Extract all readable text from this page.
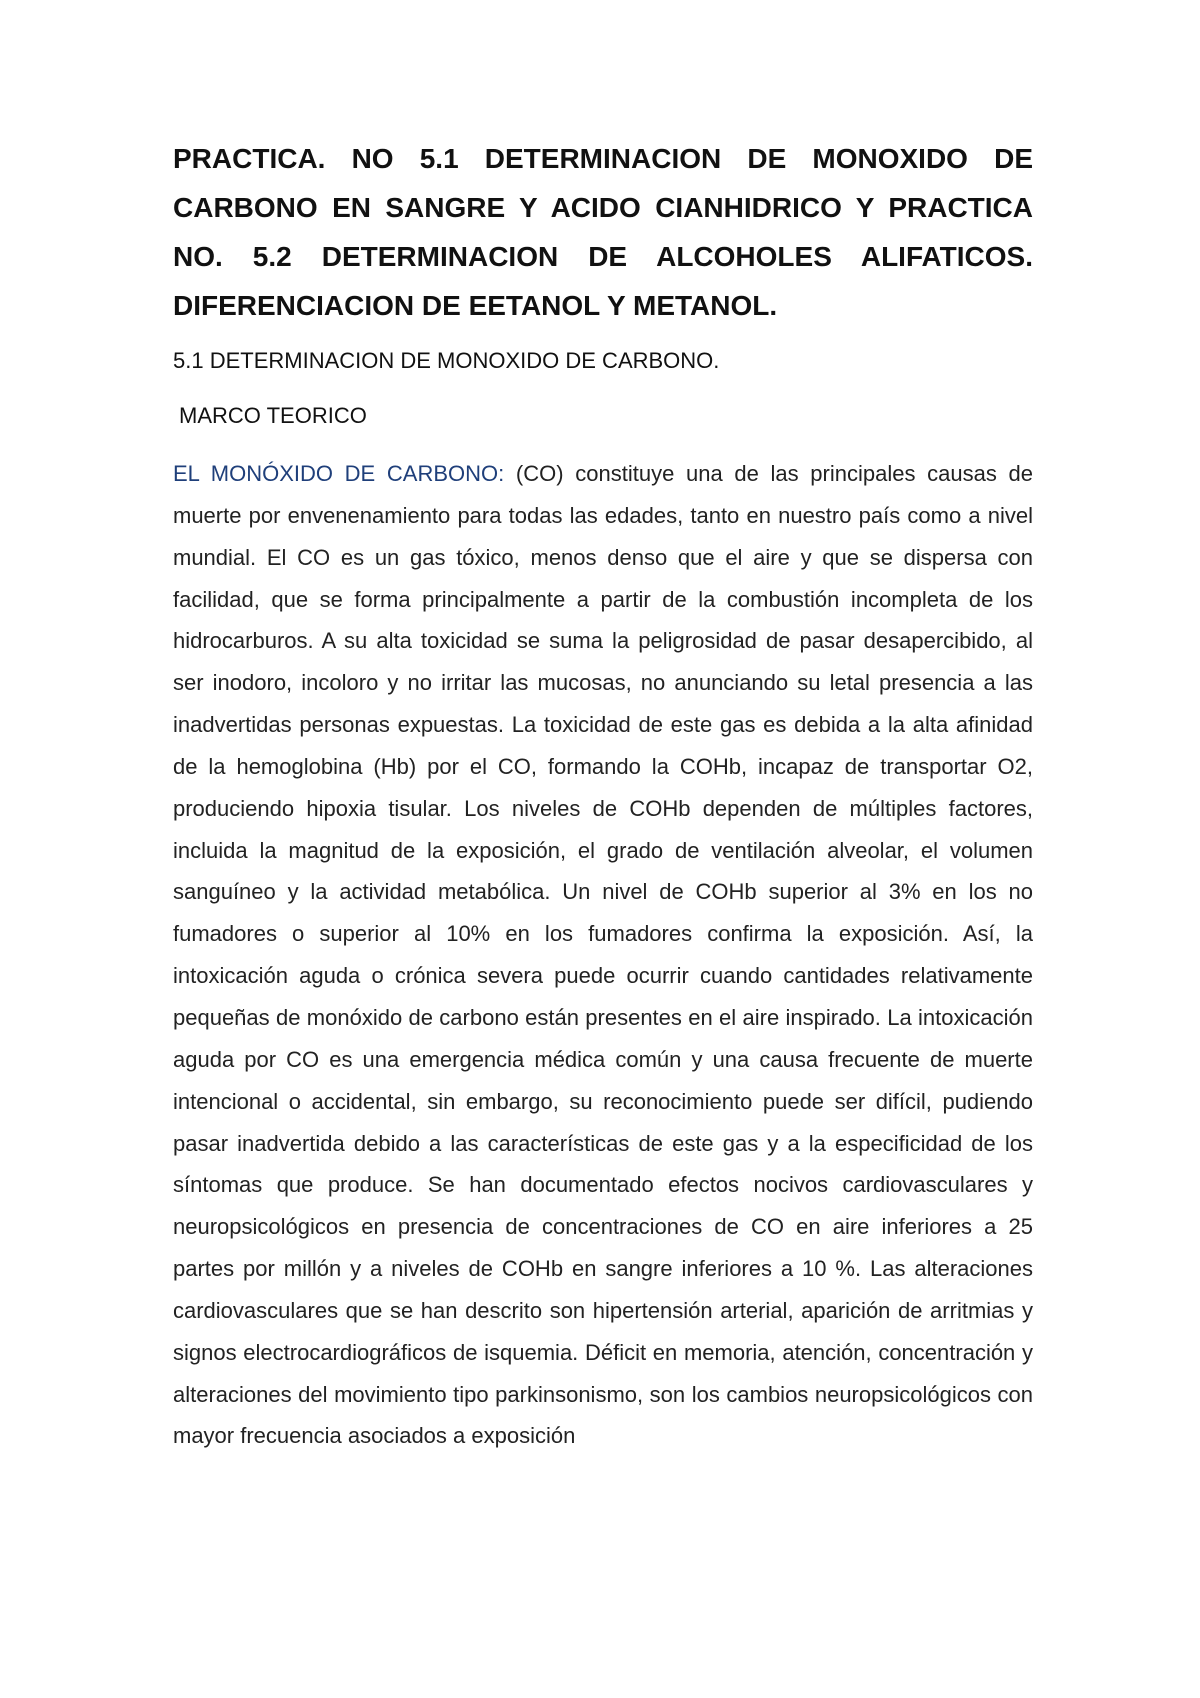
PRACTICA. NO 5.1 DETERMINACION DE MONOXIDO DE CARBONO EN SANGRE Y ACIDO CIANHIDRICO Y PRACTICA NO. 5.2 DETERMINACION DE ALCOHOLES ALIFATICOS. DIFERENCIACION DE EETANOL Y METANOL.
5.1 DETERMINACION DE MONOXIDO DE CARBONO.
MARCO TEORICO

EL MONÓXIDO DE CARBONO: (CO) constituye una de las principales causas de muerte por envenenamiento para todas las edades, tanto en nuestro país como a nivel mundial. El CO es un gas tóxico, menos denso que el aire y que se dispersa con facilidad, que se forma principalmente a partir de la combustión incompleta de los hidrocarburos. A su alta toxicidad se suma la peligrosidad de pasar desapercibido, al ser inodoro, incoloro y no irritar las mucosas, no anunciando su letal presencia a las inadvertidas personas expuestas. La toxicidad de este gas es debida a la alta afinidad de la hemoglobina (Hb) por el CO, formando la COHb, incapaz de transportar O2, produciendo hipoxia tisular. Los niveles de COHb dependen de múltiples factores, incluida la magnitud de la exposición, el grado de ventilación alveolar, el volumen sanguíneo y la actividad metabólica. Un nivel de COHb superior al 3% en los no fumadores o superior al 10% en los fumadores confirma la exposición. Así, la intoxicación aguda o crónica severa puede ocurrir cuando cantidades relativamente pequeñas de monóxido de carbono están presentes en el aire inspirado. La intoxicación aguda por CO es una emergencia médica común y una causa frecuente de muerte intencional o accidental, sin embargo, su reconocimiento puede ser difícil, pudiendo pasar inadvertida debido a las características de este gas y a la especificidad de los síntomas que produce. Se han documentado efectos nocivos cardiovasculares y neuropsicológicos en presencia de concentraciones de CO en aire inferiores a 25 partes por millón y a niveles de COHb en sangre inferiores a 10 %. Las alteraciones cardiovasculares que se han descrito son hipertensión arterial, aparición de arritmias y signos electrocardiográficos de isquemia. Déficit en memoria, atención, concentración y alteraciones del movimiento tipo parkinsonismo, son los cambios neuropsicológicos con mayor frecuencia asociados a exposición
